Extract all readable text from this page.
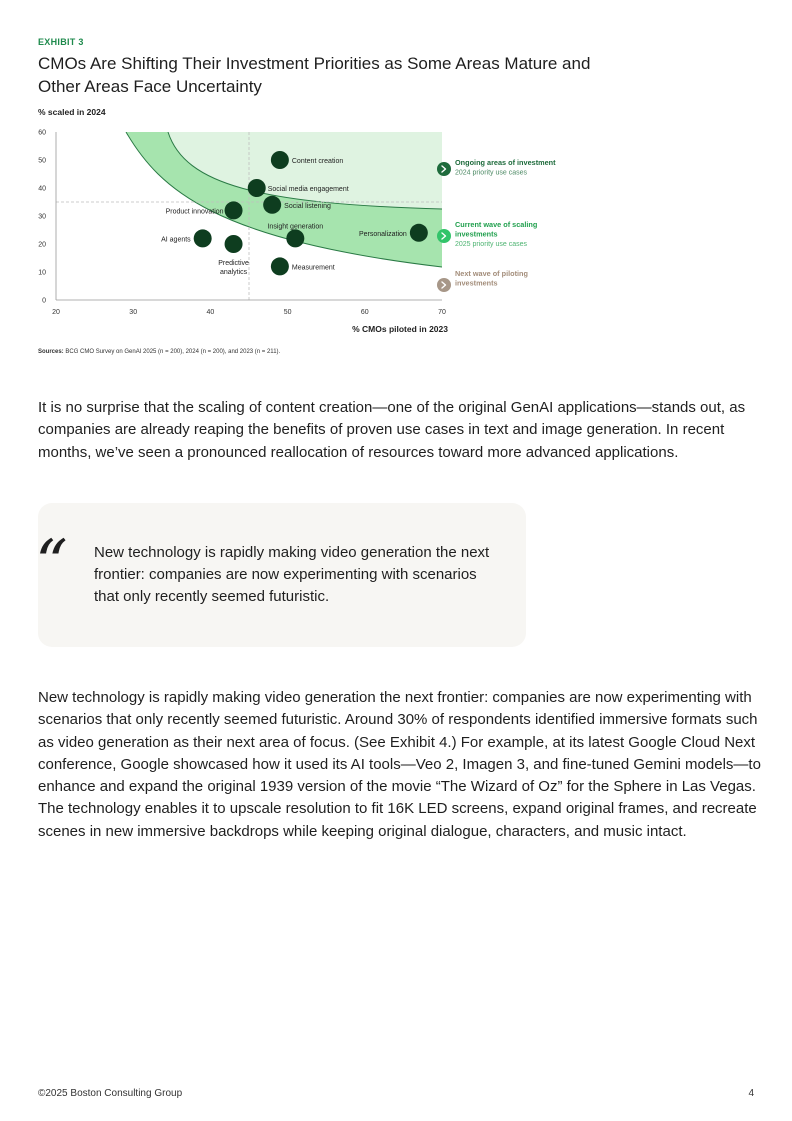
EXHIBIT 3
CMOs Are Shifting Their Investment Priorities as Some Areas Mature and Other Areas Face Uncertainty
% scaled in 2024
0
10
20
30
40
50
60
20	30	40	50	60	70
% CMOs piloted in 2023
Content creation
Social media engagement
Social listening
Product innovation
Insight generation
Personalization
AI agents
Predictive analytics
Measurement
Ongoing areas of investment
2024 priority use cases
Current wave of scaling investments
2025 priority use cases
Next wave of piloting investments
Sources: BCG CMO Survey on GenAI 2025 (n = 200), 2024 (n = 200), and 2023 (n = 211).

It is no surprise that the scaling of content creation—one of the original GenAI applications—stands out, as companies are already reaping the benefits of proven use cases in text and image generation. In recent months, we’ve seen a pronounced reallocation of resources toward more advanced applications.

“ New technology is rapidly making video generation the next frontier: companies are now experimenting with scenarios that only recently seemed futuristic.

New technology is rapidly making video generation the next frontier: companies are now experimenting with scenarios that only recently seemed futuristic. Around 30% of respondents identified immersive formats such as video generation as their next area of focus. (See Exhibit 4.) For example, at its latest Google Cloud Next conference, Google showcased how it used its AI tools—Veo 2, Imagen 3, and fine-tuned Gemini models—to enhance and expand the original 1939 version of the movie “The Wizard of Oz” for the Sphere in Las Vegas. The technology enables it to upscale resolution to fit 16K LED screens, expand original frames, and recreate scenes in new immersive backdrops while keeping original dialogue, characters, and music intact.

©2025 Boston Consulting Group	4
